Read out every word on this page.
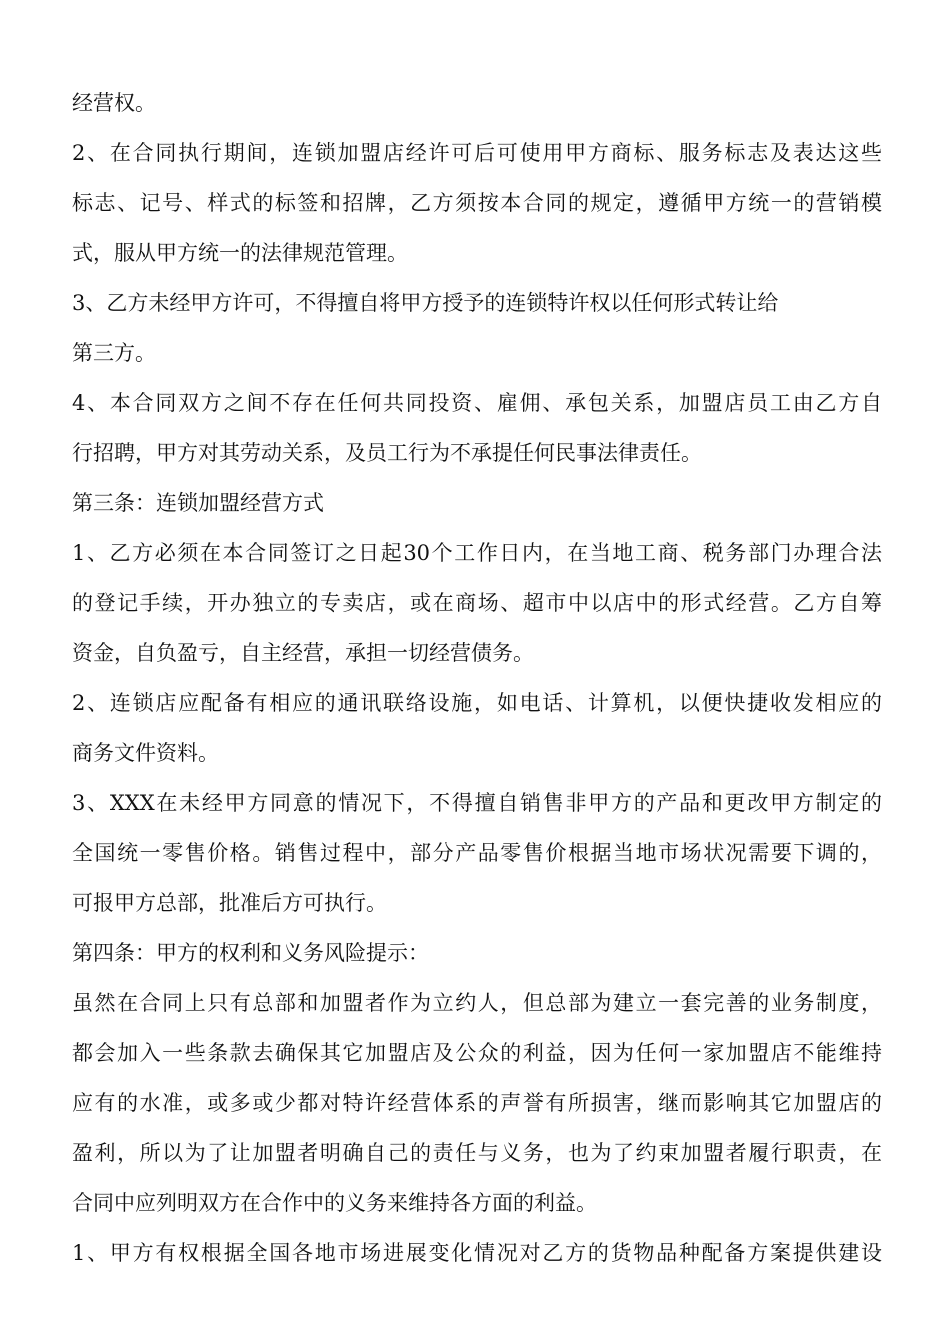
经营权。
2、在合同执行期间，连锁加盟店经许可后可使用甲方商标、服务标志及表达这些
标志、记号、样式的标签和招牌，乙方须按本合同的规定，遵循甲方统一的营销模
式，服从甲方统一的法律规范管理。
3、乙方未经甲方许可，不得擅自将甲方授予的连锁特许权以任何形式转让给
第三方。
4、本合同双方之间不存在任何共同投资、雇佣、承包关系，加盟店员工由乙方自
行招聘，甲方对其劳动关系，及员工行为不承提任何民事法律责任。
第三条：连锁加盟经营方式
1、乙方必须在本合同签订之日起30个工作日内，在当地工商、税务部门办理合法
的登记手续，开办独立的专卖店，或在商场、超市中以店中的形式经营。乙方自筹
资金，自负盈亏，自主经营，承担一切经营债务。
2、连锁店应配备有相应的通讯联络设施，如电话、计算机，以便快捷收发相应的
商务文件资料。
3、XXX在未经甲方同意的情况下，不得擅自销售非甲方的产品和更改甲方制定的
全国统一零售价格。销售过程中，部分产品零售价根据当地市场状况需要下调的，
可报甲方总部，批准后方可执行。
第四条：甲方的权利和义务风险提示：
虽然在合同上只有总部和加盟者作为立约人，但总部为建立一套完善的业务制度，
都会加入一些条款去确保其它加盟店及公众的利益，因为任何一家加盟店不能维持
应有的水准，或多或少都对特许经营体系的声誉有所损害，继而影响其它加盟店的
盈利，所以为了让加盟者明确自己的责任与义务，也为了约束加盟者履行职责，在
合同中应列明双方在合作中的义务来维持各方面的利益。
1、甲方有权根据全国各地市场进展变化情况对乙方的货物品种配备方案提供建设
